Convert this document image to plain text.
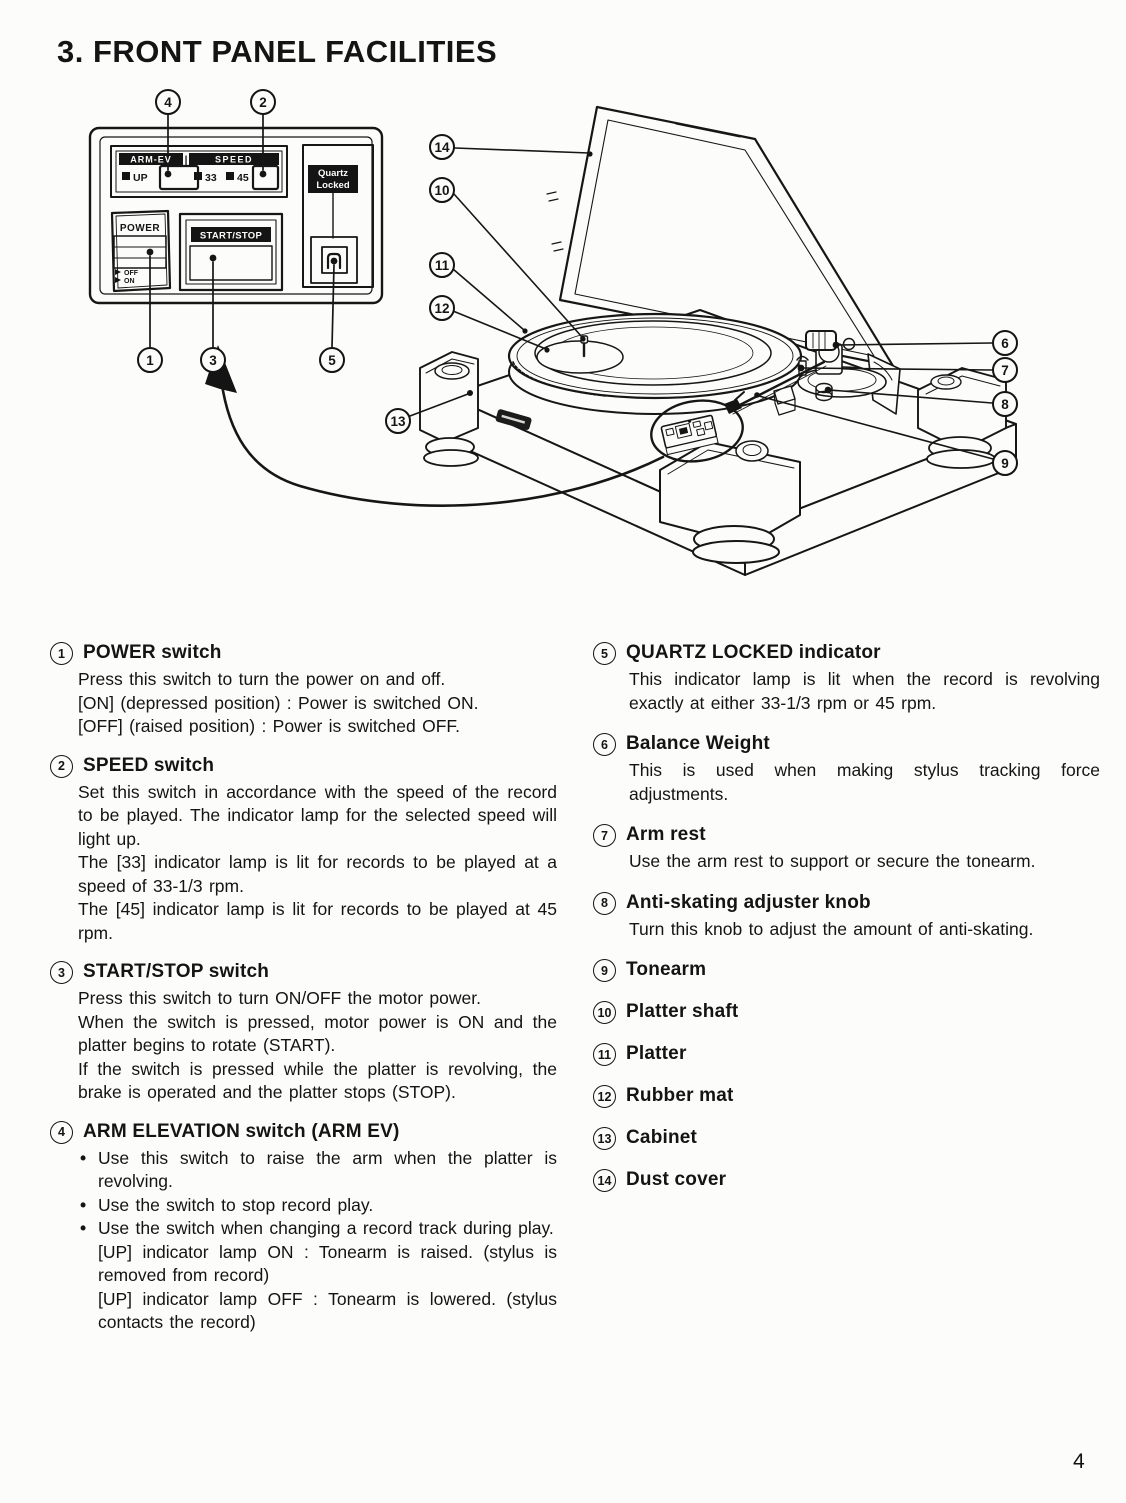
3. FRONT PANEL FACILITIES
ARM-EV |	SPEED
UP	33 45
POWER
START/STOP
Quartz
Locked
OFF
ON
4	2
1	3	5
14
10
11
12
13
6
7
8
9
1 POWER switch

Press this switch to turn the power on and off.

[ON] (depressed position) : Power is switched ON.

[OFF] (raised position) : Power is switched OFF.

2 SPEED switch

Set this switch in accordance with the speed of the record to be played. The indicator lamp for the selected speed will light up.

The [33] indicator lamp is lit for records to be played at a speed of 33-1/3 rpm.

The [45] indicator lamp is lit for records to be played at 45 rpm.

3 START/STOP switch

Press this switch to turn ON/OFF the motor power.

When the switch is pressed, motor power is ON and the platter begins to rotate (START).

If the switch is pressed while the platter is revolving, the brake is operated and the platter stops (STOP).

4 ARM ELEVATION switch (ARM EV)
• Use this switch to raise the arm when the platter is revolving.
• Use the switch to stop record play.
• Use the switch when changing a record track during play.

[UP] indicator lamp ON : Tonearm is raised. (stylus is removed from record)

[UP] indicator lamp OFF : Tonearm is lowered. (stylus contacts the record)

5 QUARTZ LOCKED indicator

This indicator lamp is lit when the record is revolving exactly at either 33-1/3 rpm or 45 rpm.

6 Balance Weight

This is used when making stylus tracking force adjustments.

7 Arm rest

Use the arm rest to support or secure the tonearm.

8 Anti-skating adjuster knob

Turn this knob to adjust the amount of anti-skating.

9 Tonearm
10 Platter shaft
11 Platter
12 Rubber mat
13 Cabinet
14 Dust cover
4
